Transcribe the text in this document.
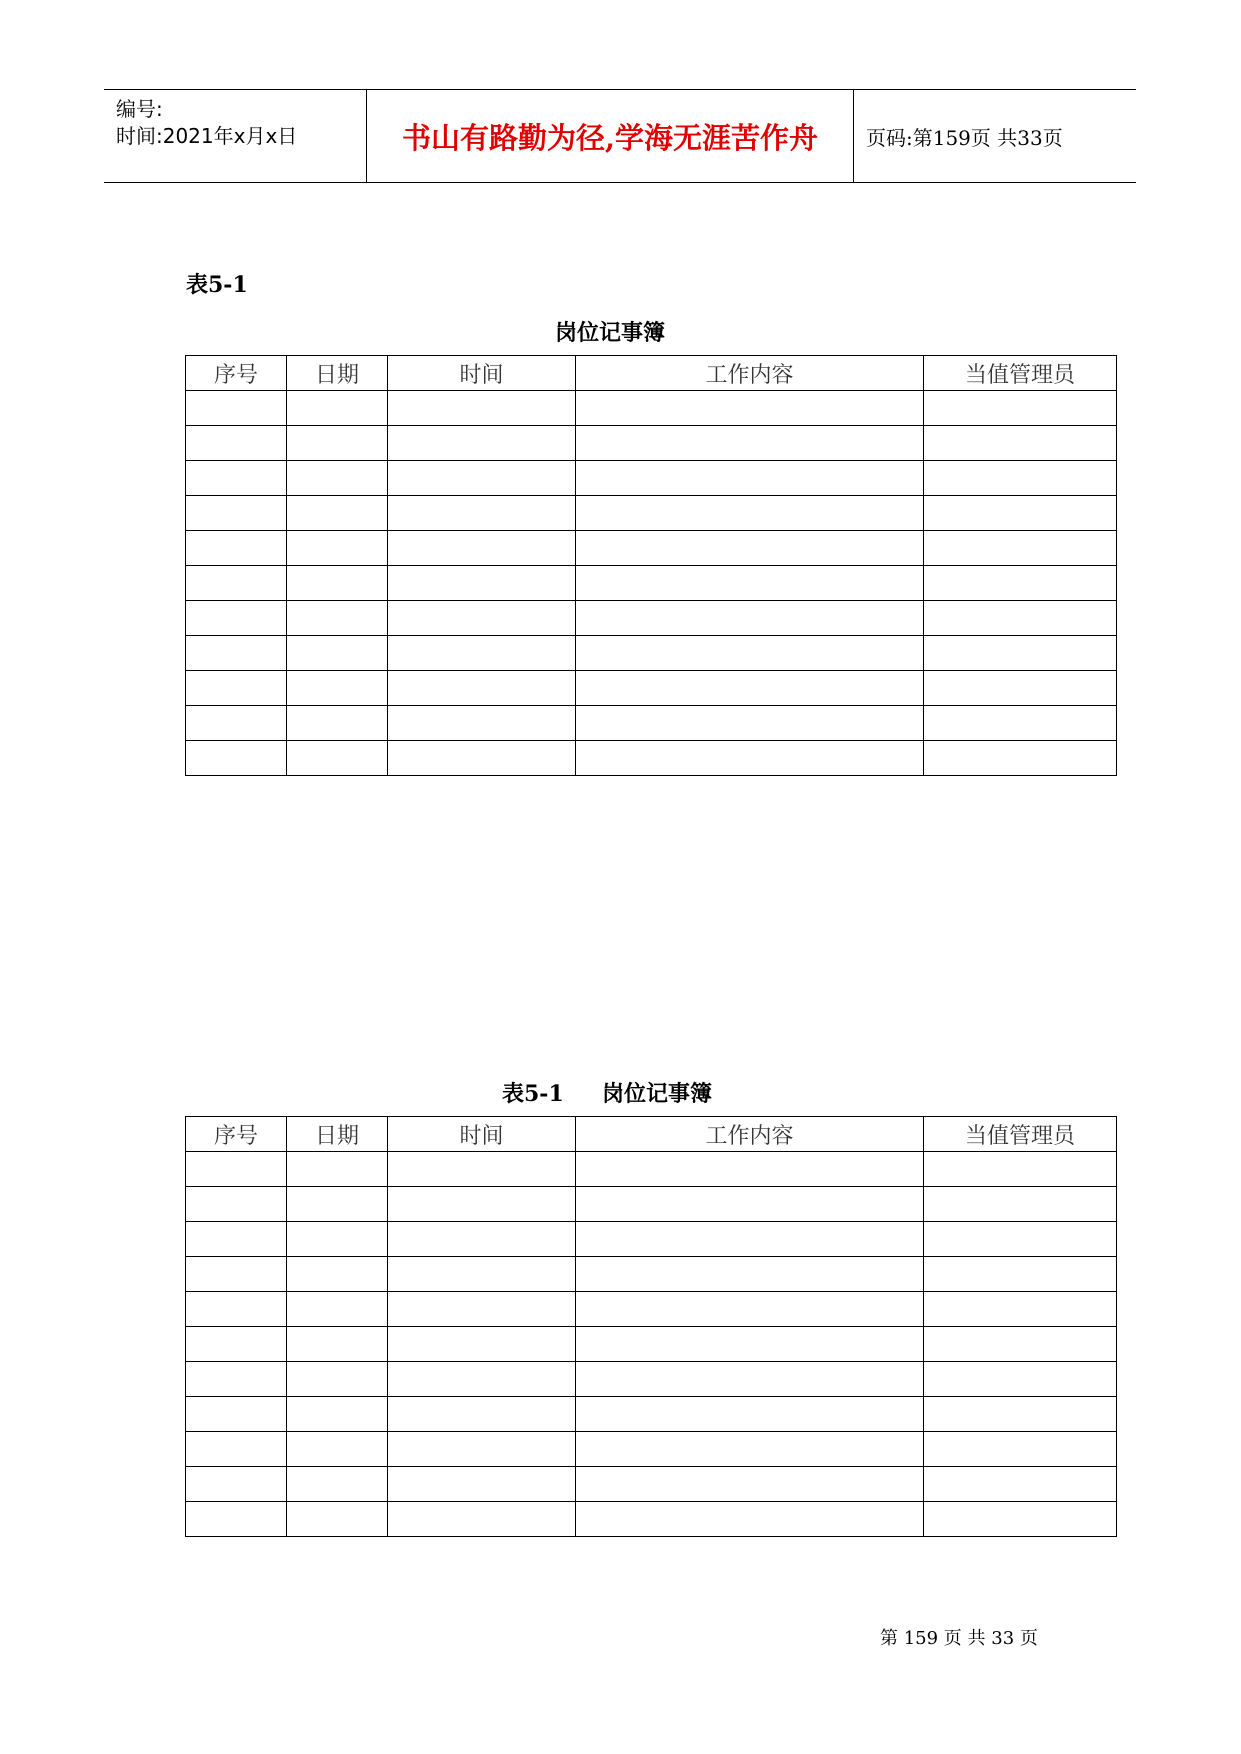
编号:
时间:2021年x月x日	书山有路勤为径,学海无涯苦作舟	页码:第159页 共33页
表5-1
岗位记事簿
序号	日期	时间	工作内容	当值管理员

表5-1     岗位记事簿
序号	日期	时间	工作内容	当值管理员

第 159 页 共 33 页
